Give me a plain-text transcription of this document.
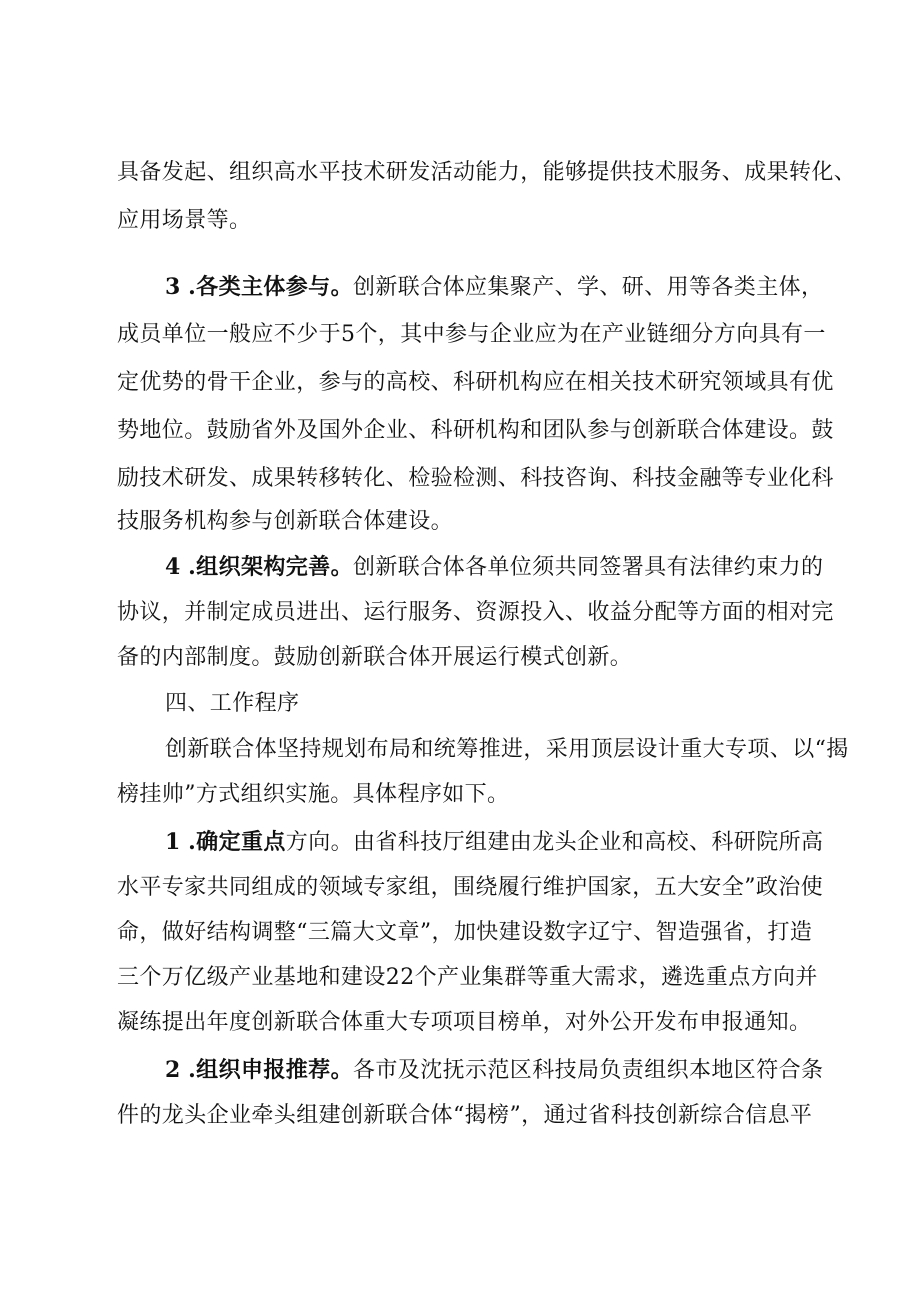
具备发起、组织高水平技术研发活动能力，能够提供技术服务、成果转化、
应用场景等。
3 .各类主体参与。创新联合体应集聚产、学、研、用等各类主体，
成员单位一般应不少于5个，其中参与企业应为在产业链细分方向具有一
定优势的骨干企业，参与的高校、科研机构应在相关技术研究领域具有优
势地位。鼓励省外及国外企业、科研机构和团队参与创新联合体建设。鼓
励技术研发、成果转移转化、检验检测、科技咨询、科技金融等专业化科
技服务机构参与创新联合体建设。
4 .组织架构完善。创新联合体各单位须共同签署具有法律约束力的
协议，并制定成员进出、运行服务、资源投入、收益分配等方面的相对完
备的内部制度。鼓励创新联合体开展运行模式创新。
四、工作程序
创新联合体坚持规划布局和统筹推进，采用顶层设计重大专项、以“揭
榜挂帅”方式组织实施。具体程序如下。
1 .确定重点方向。由省科技厅组建由龙头企业和高校、科研院所高
水平专家共同组成的领域专家组，围绕履行维护国家，五大安全”政治使
命，做好结构调整“三篇大文章”，加快建设数字辽宁、智造强省，打造
三个万亿级产业基地和建设22个产业集群等重大需求，遴选重点方向并
凝练提出年度创新联合体重大专项项目榜单，对外公开发布申报通知。
2 .组织申报推荐。各市及沈抚示范区科技局负责组织本地区符合条
件的龙头企业牵头组建创新联合体“揭榜”，通过省科技创新综合信息平
